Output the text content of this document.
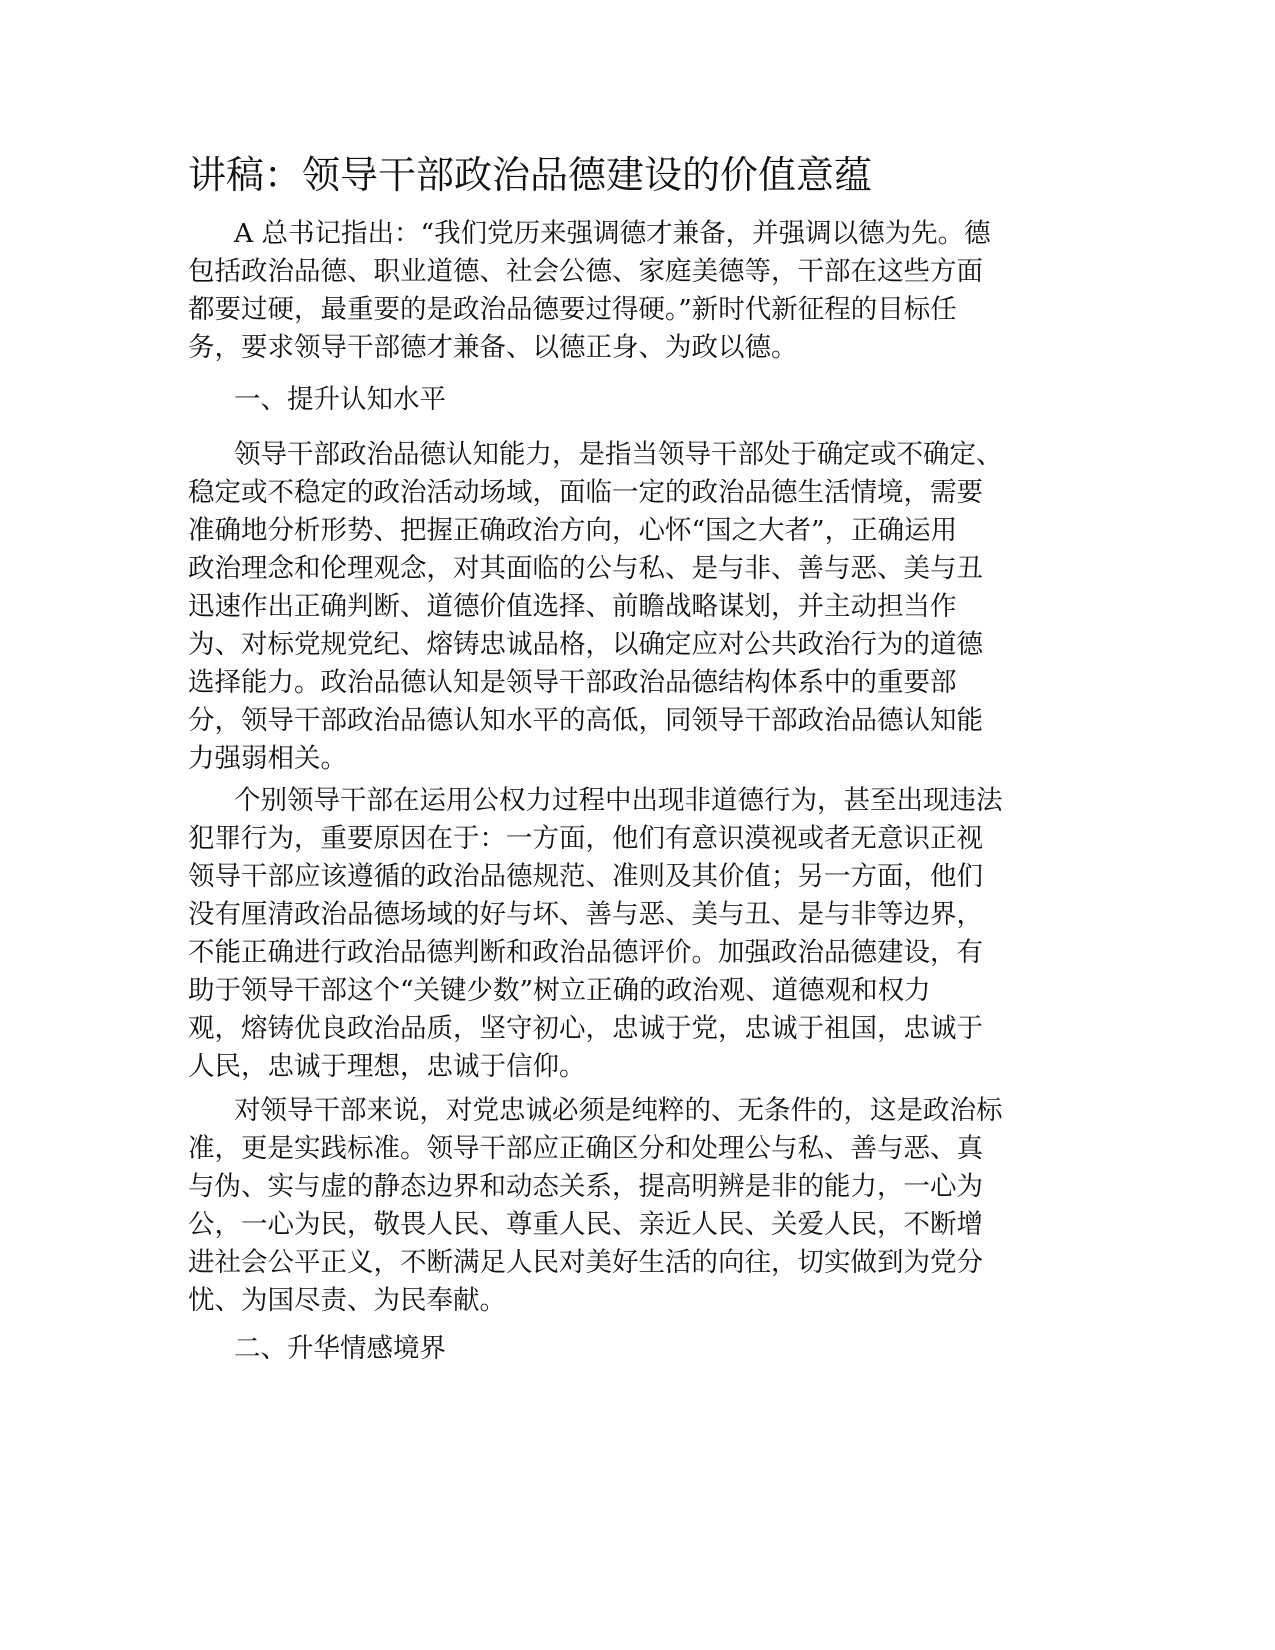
讲稿：领导干部政治品德建设的价值意蕴
A 总书记指出：“我们党历来强调德才兼备，并强调以德为先。德
包括政治品德、职业道德、社会公德、家庭美德等，干部在这些方面
都要过硬，最重要的是政治品德要过得硬。”新时代新征程的目标任
务，要求领导干部德才兼备、以德正身、为政以德。
一、提升认知水平
领导干部政治品德认知能力，是指当领导干部处于确定或不确定、
稳定或不稳定的政治活动场域，面临一定的政治品德生活情境，需要
准确地分析形势、把握正确政治方向，心怀“国之大者”，正确运用
政治理念和伦理观念，对其面临的公与私、是与非、善与恶、美与丑
迅速作出正确判断、道德价值选择、前瞻战略谋划，并主动担当作
为、对标党规党纪、熔铸忠诚品格，以确定应对公共政治行为的道德
选择能力。政治品德认知是领导干部政治品德结构体系中的重要部
分，领导干部政治品德认知水平的高低，同领导干部政治品德认知能
力强弱相关。
个别领导干部在运用公权力过程中出现非道德行为，甚至出现违法
犯罪行为，重要原因在于：一方面，他们有意识漠视或者无意识正视
领导干部应该遵循的政治品德规范、准则及其价值；另一方面，他们
没有厘清政治品德场域的好与坏、善与恶、美与丑、是与非等边界，
不能正确进行政治品德判断和政治品德评价。加强政治品德建设，有
助于领导干部这个“关键少数”树立正确的政治观、道德观和权力
观，熔铸优良政治品质，坚守初心，忠诚于党，忠诚于祖国，忠诚于
人民，忠诚于理想，忠诚于信仰。
对领导干部来说，对党忠诚必须是纯粹的、无条件的，这是政治标
准，更是实践标准。领导干部应正确区分和处理公与私、善与恶、真
与伪、实与虚的静态边界和动态关系，提高明辨是非的能力，一心为
公，一心为民，敬畏人民、尊重人民、亲近人民、关爱人民，不断增
进社会公平正义，不断满足人民对美好生活的向往，切实做到为党分
忧、为国尽责、为民奉献。
二、升华情感境界
